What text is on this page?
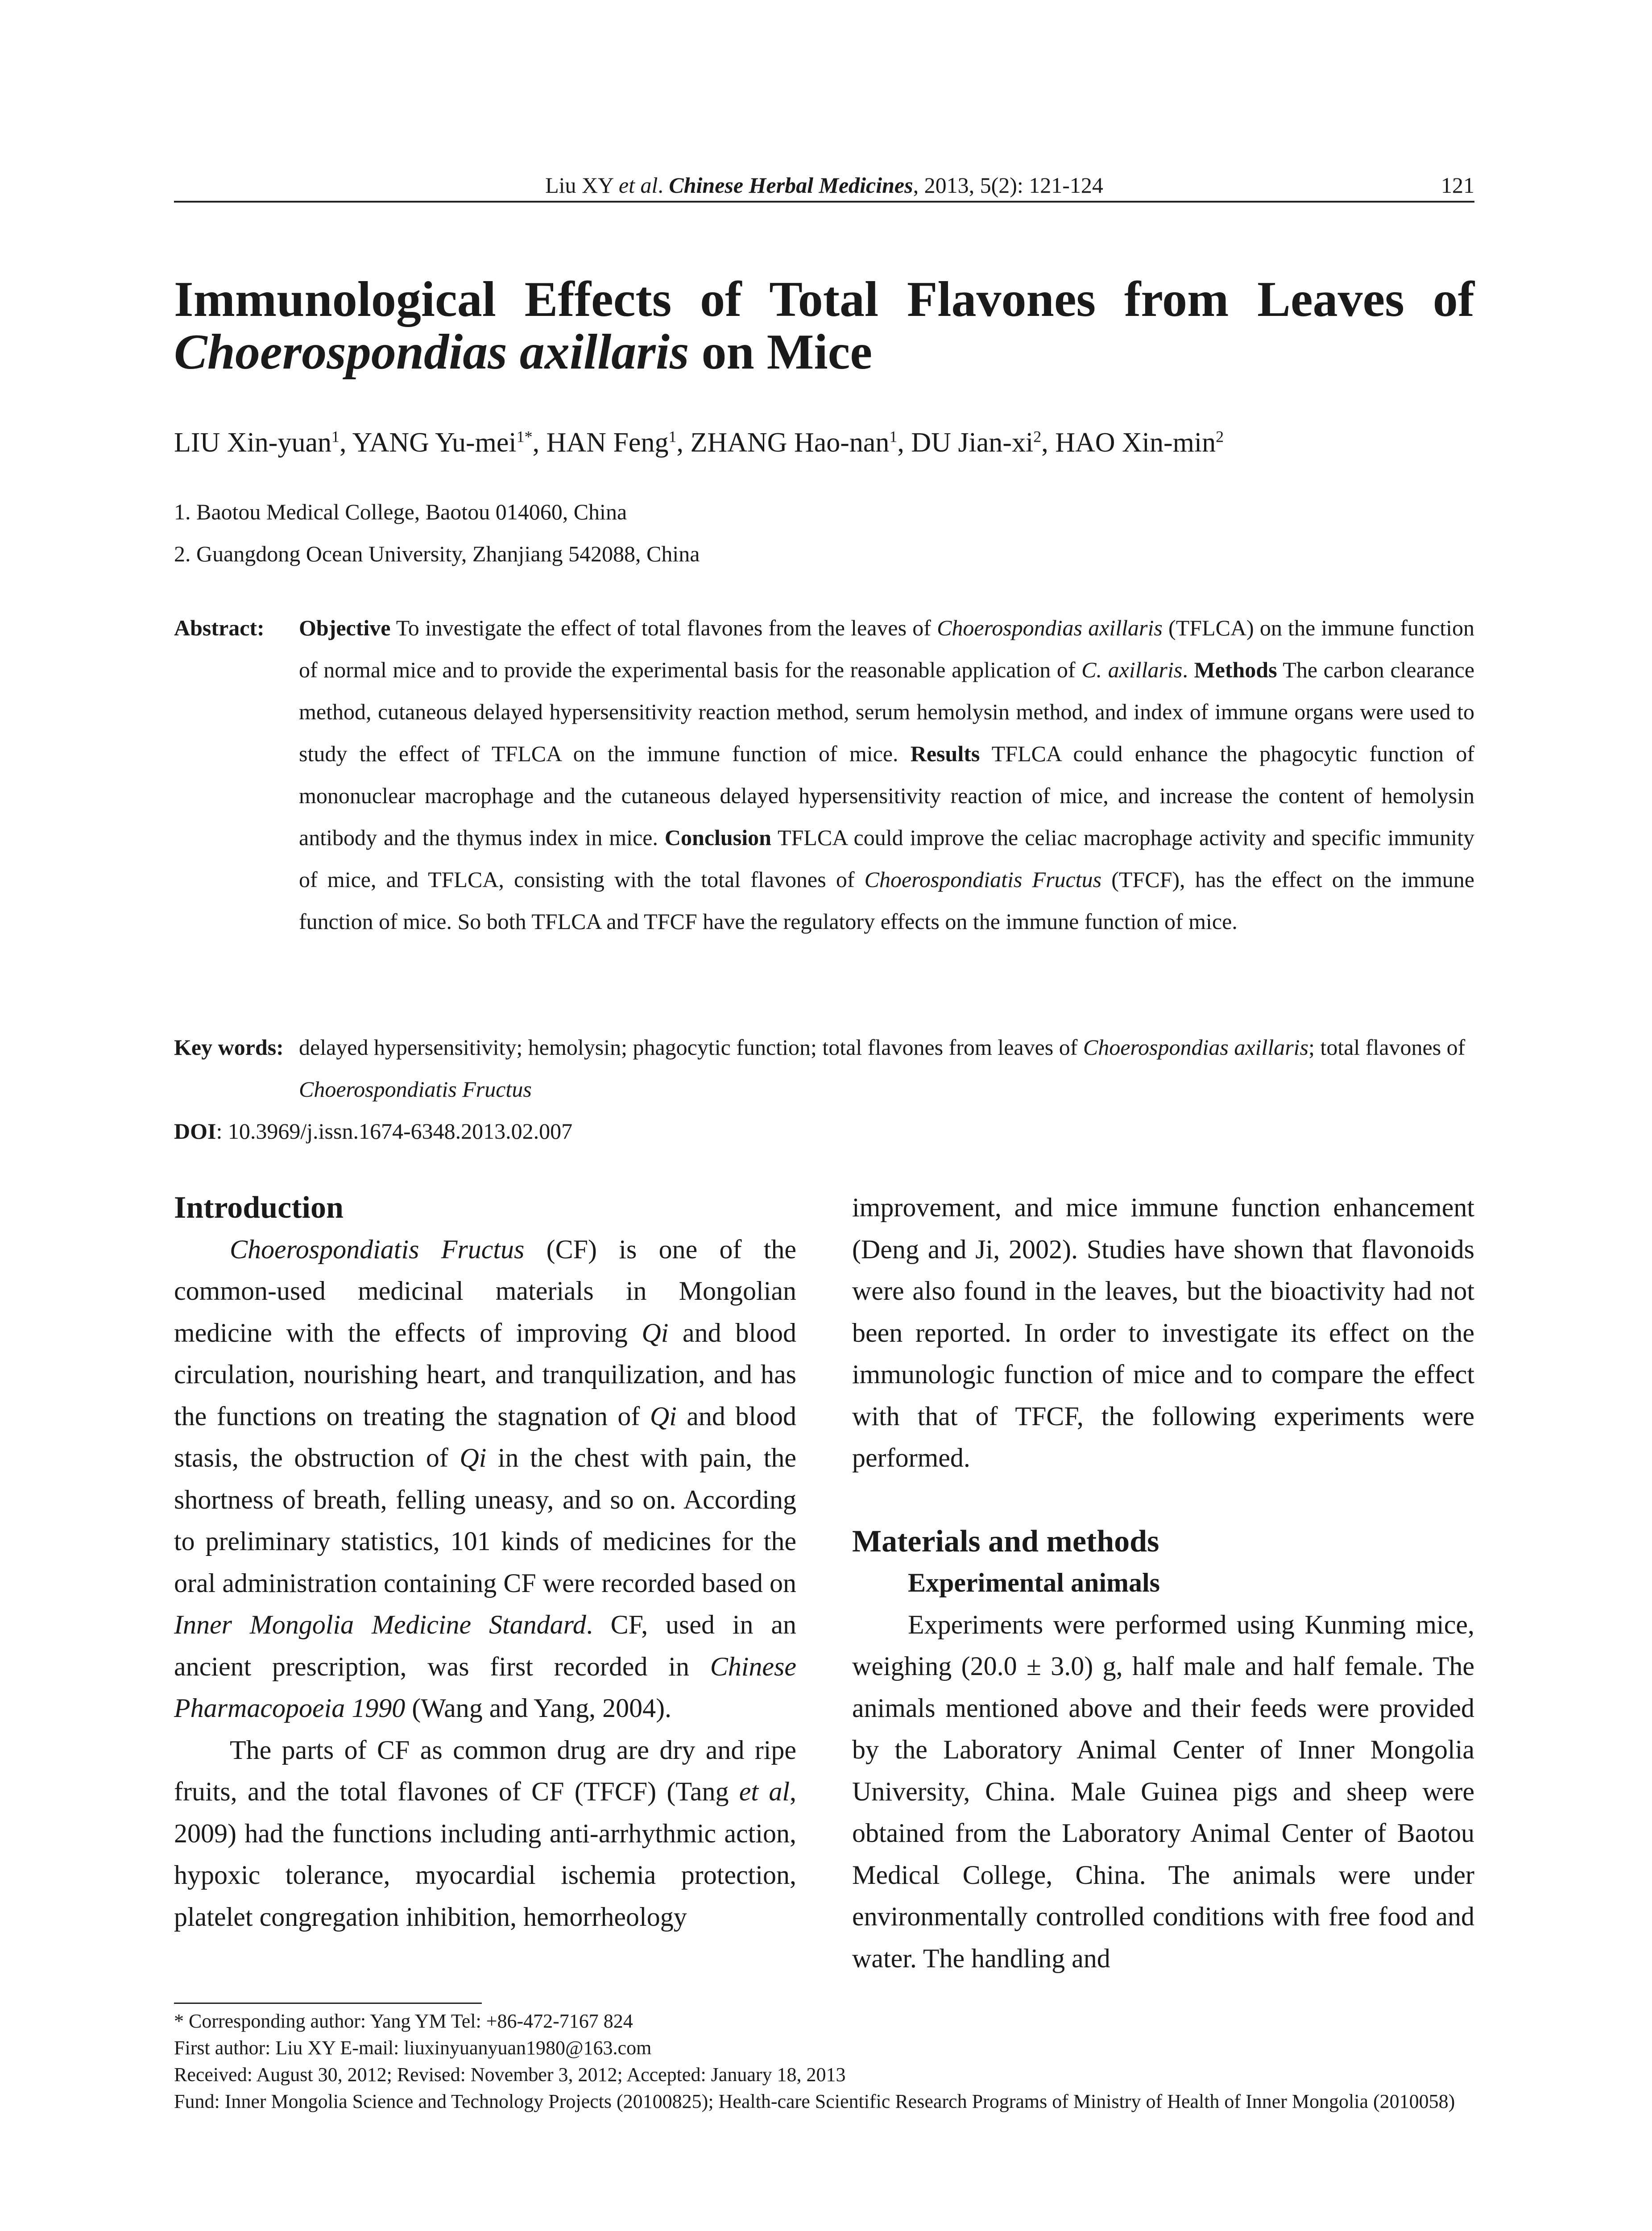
Liu XY et al. Chinese Herbal Medicines, 2013, 5(2): 121-124	121
Immunological Effects of Total Flavones from Leaves of
Choerospondias axillaris on Mice
LIU Xin-yuan$^1$, YANG Yu-mei$^{1*}$, HAN Feng$^1$, ZHANG Hao-nan$^1$, DU Jian-$xi^2$, HAO Xin-$\min^2$
1. Baotou Medical College, Baotou 014060, China
2. Guangdong Ocean University, Zhanjiang 542088, China
Abstract: Objective To investigate the effect of total flavones from the leaves of Choerospondias axillaris (TFLCA) on the immune function of normal mice and to provide the experimental basis for the reasonable application of C. axillaris. Methods The carbon clearance method, cutaneous delayed hypersensitivity reaction method, serum hemolysin method, and index of immune organs were used to study the effect of TFLCA on the immune function of mice. Results TFLCA could enhance the phagocytic function of mononuclear macrophage and the cutaneous delayed hypersensitivity reaction of mice, and increase the content of hemolysin antibody and the thymus index in mice. Conclusion TFLCA could improve the celiac macrophage activity and specific immunity of mice, and TFLCA, consisting with the total flavones of Choerospondiatis Fructus (TFCF), has the effect on the immune function of mice. So both TFLCA and TFCF have the regulatory effects on the immune function of mice.
Key words: delayed hypersensitivity; hemolysin; phagocytic function; total flavones from leaves of Choerospondias axillaris; total flavones of Choerospondiatis Fructus
DOI: 10.3969/j.issn.1674-6348.2013.02.007
Introduction

Choerospondiatis Fructus (CF) is one of the common-used medicinal materials in Mongolian medicine with the effects of improving Qi and blood circulation, nourishing heart, and tranquilization, and has the functions on treating the stagnation of Qi and blood stasis, the obstruction of Qi in the chest with pain, the shortness of breath, felling uneasy, and so on. According to preliminary statistics, 101 kinds of medicines for the oral administration containing CF were recorded based on Inner Mongolia Medicine Standard. CF, used in an ancient prescription, was first recorded in Chinese Pharmacopoeia 1990 (Wang and Yang, 2004).

The parts of CF as common drug are dry and ripe fruits, and the total flavones of CF (TFCF) (Tang et al, 2009) had the functions including anti-arrhythmic action, hypoxic tolerance, myocardial ischemia protection, platelet congregation inhibition, hemorrheology

improvement, and mice immune function enhancement (Deng and Ji, 2002). Studies have shown that flavonoids were also found in the leaves, but the bioactivity had not been reported. In order to investigate its effect on the immunologic function of mice and to compare the effect with that of TFCF, the following experiments were performed.

Materials and methods
Experimental animals

Experiments were performed using Kunming mice, weighing (20.0 ± 3.0) g, half male and half female. The animals mentioned above and their feeds were provided by the Laboratory Animal Center of Inner Mongolia University, China. Male Guinea pigs and sheep were obtained from the Laboratory Animal Center of Baotou Medical College, China. The animals were under environmentally controlled conditions with free food and water. The handling and

* Corresponding author: Yang YM Tel: +86-472-7167 824
First author: Liu XY E-mail: liuxinyuanyuan1980@163.com
Received: August 30, 2012; Revised: November 3, 2012; Accepted: January 18, 2013
Fund: Inner Mongolia Science and Technology Projects (20100825); Health-care Scientific Research Programs of Ministry of Health of Inner Mongolia (2010058)
